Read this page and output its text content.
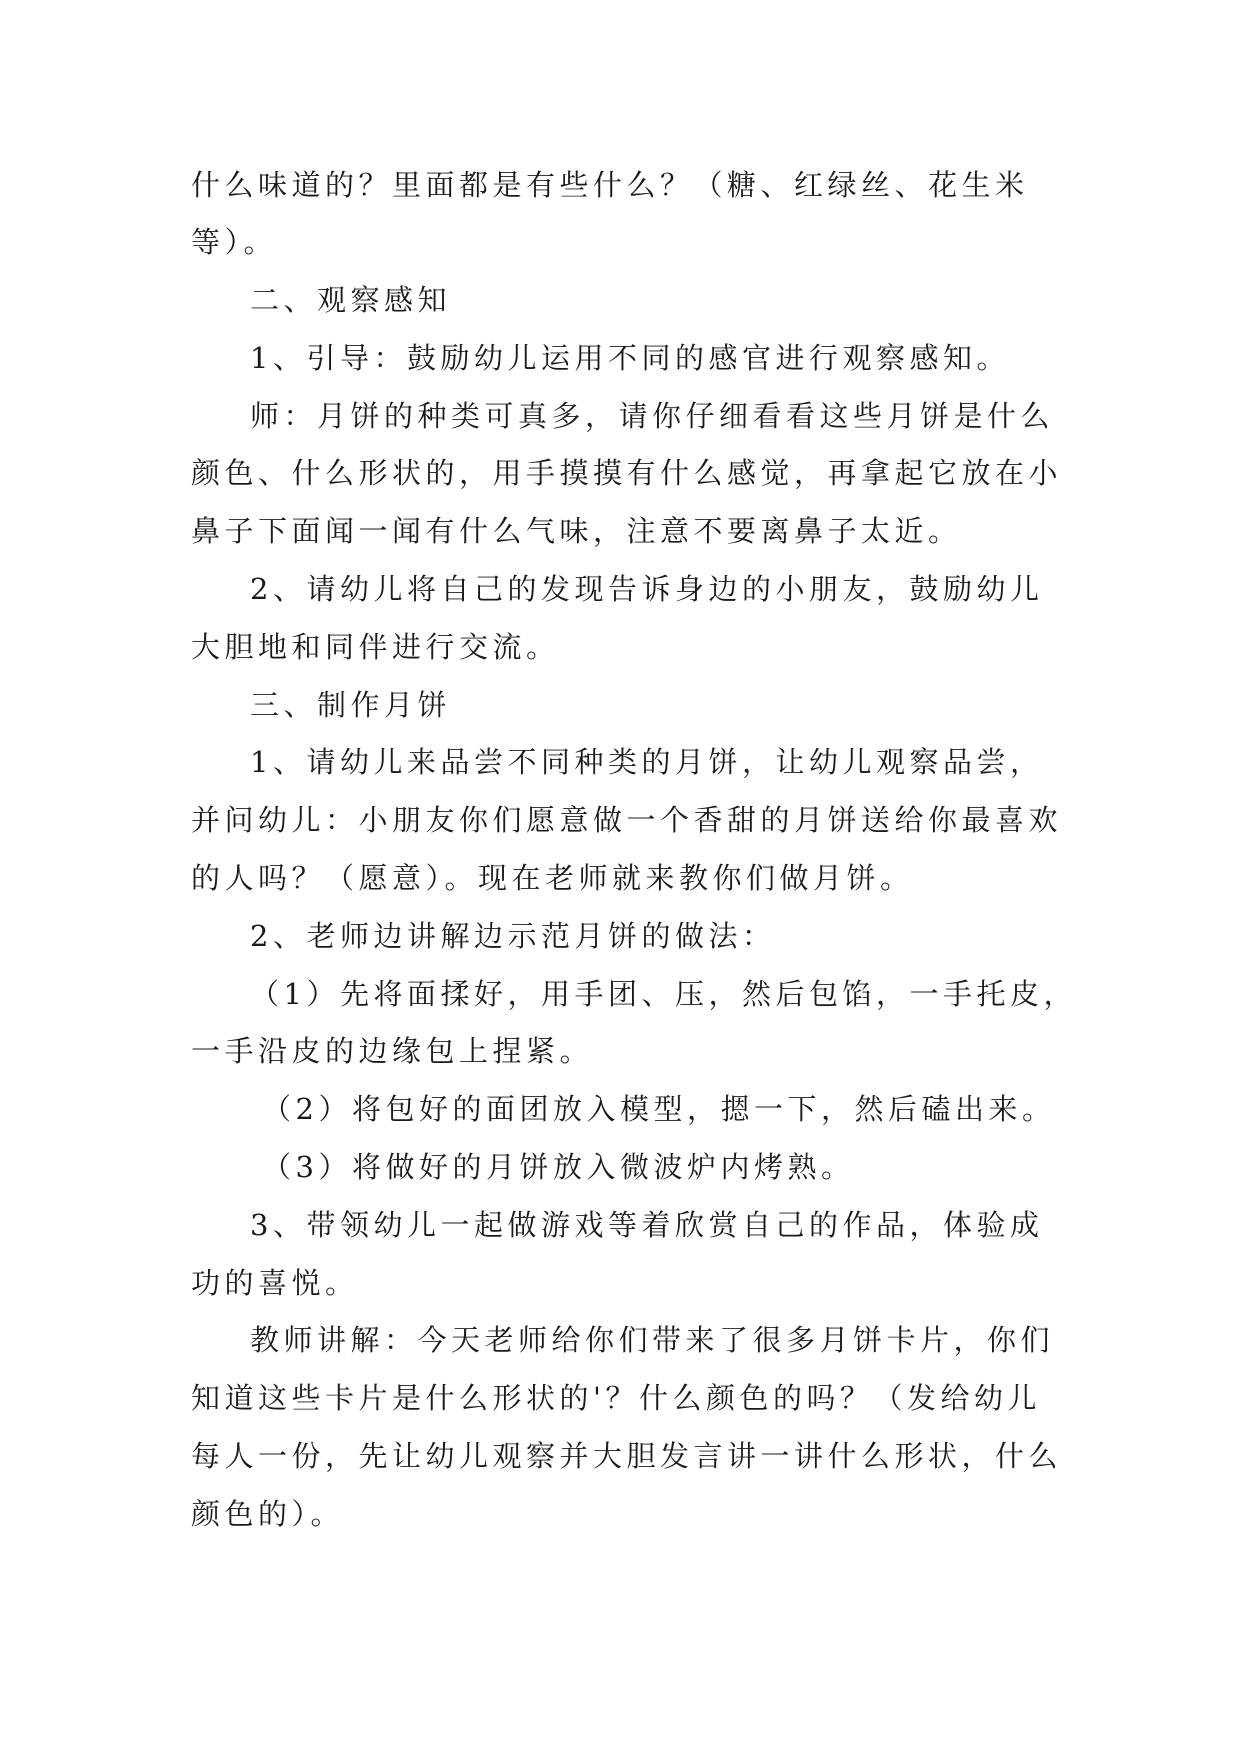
什么味道的？里面都是有些什么？（糖、红绿丝、花生米
等）。
二、观察感知
1、引导：鼓励幼儿运用不同的感官进行观察感知。
师：月饼的种类可真多，请你仔细看看这些月饼是什么
颜色、什么形状的，用手摸摸有什么感觉，再拿起它放在小
鼻子下面闻一闻有什么气味，注意不要离鼻子太近。
2、请幼儿将自己的发现告诉身边的小朋友，鼓励幼儿
大胆地和同伴进行交流。
三、制作月饼
1、请幼儿来品尝不同种类的月饼，让幼儿观察品尝，
并问幼儿：小朋友你们愿意做一个香甜的月饼送给你最喜欢
的人吗？（愿意）。现在老师就来教你们做月饼。
2、老师边讲解边示范月饼的做法：
（1）先将面揉好，用手团、压，然后包馅，一手托皮，
一手沿皮的边缘包上捏紧。
（2）将包好的面团放入模型，摁一下，然后磕出来。
（3）将做好的月饼放入微波炉内烤熟。
3、带领幼儿一起做游戏等着欣赏自己的作品，体验成
功的喜悦。
教师讲解：今天老师给你们带来了很多月饼卡片，你们
知道这些卡片是什么形状的'？什么颜色的吗？（发给幼儿
每人一份，先让幼儿观察并大胆发言讲一讲什么形状，什么
颜色的）。
